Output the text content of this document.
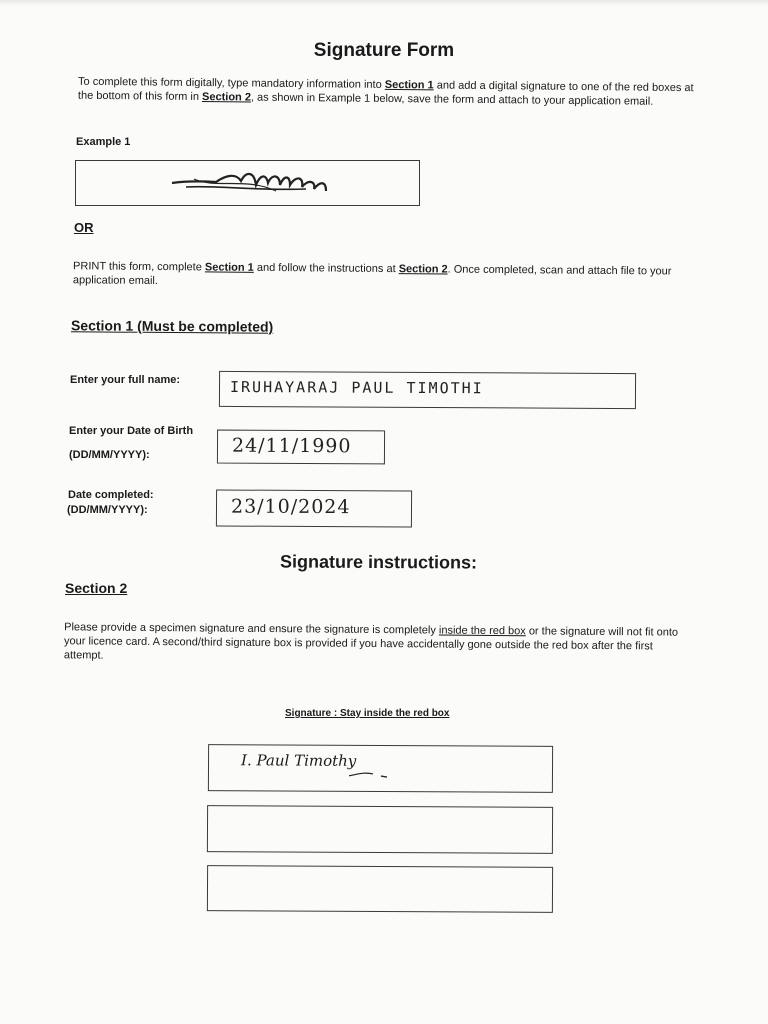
Signature Form
To complete this form digitally, type mandatory information into Section 1 and add a digital signature to one of the red boxes at the bottom of this form in Section 2, as shown in Example 1 below, save the form and attach to your application email.
Example 1
OR
PRINT this form, complete Section 1 and follow the instructions at Section 2. Once completed, scan and attach file to your application email.
Section 1 (Must be completed)
Enter your full name:	IRUHAYARAJ PAUL TIMOTHI
Enter your Date of Birth
(DD/MM/YYYY):	24/11/1990
Date completed:
(DD/MM/YYYY):	23/10/2024
Signature instructions:
Section 2
Please provide a specimen signature and ensure the signature is completely inside the red box or the signature will not fit onto your licence card. A second/third signature box is provided if you have accidentally gone outside the red box after the first attempt.
Signature : Stay inside the red box
I. Paul Timothy
